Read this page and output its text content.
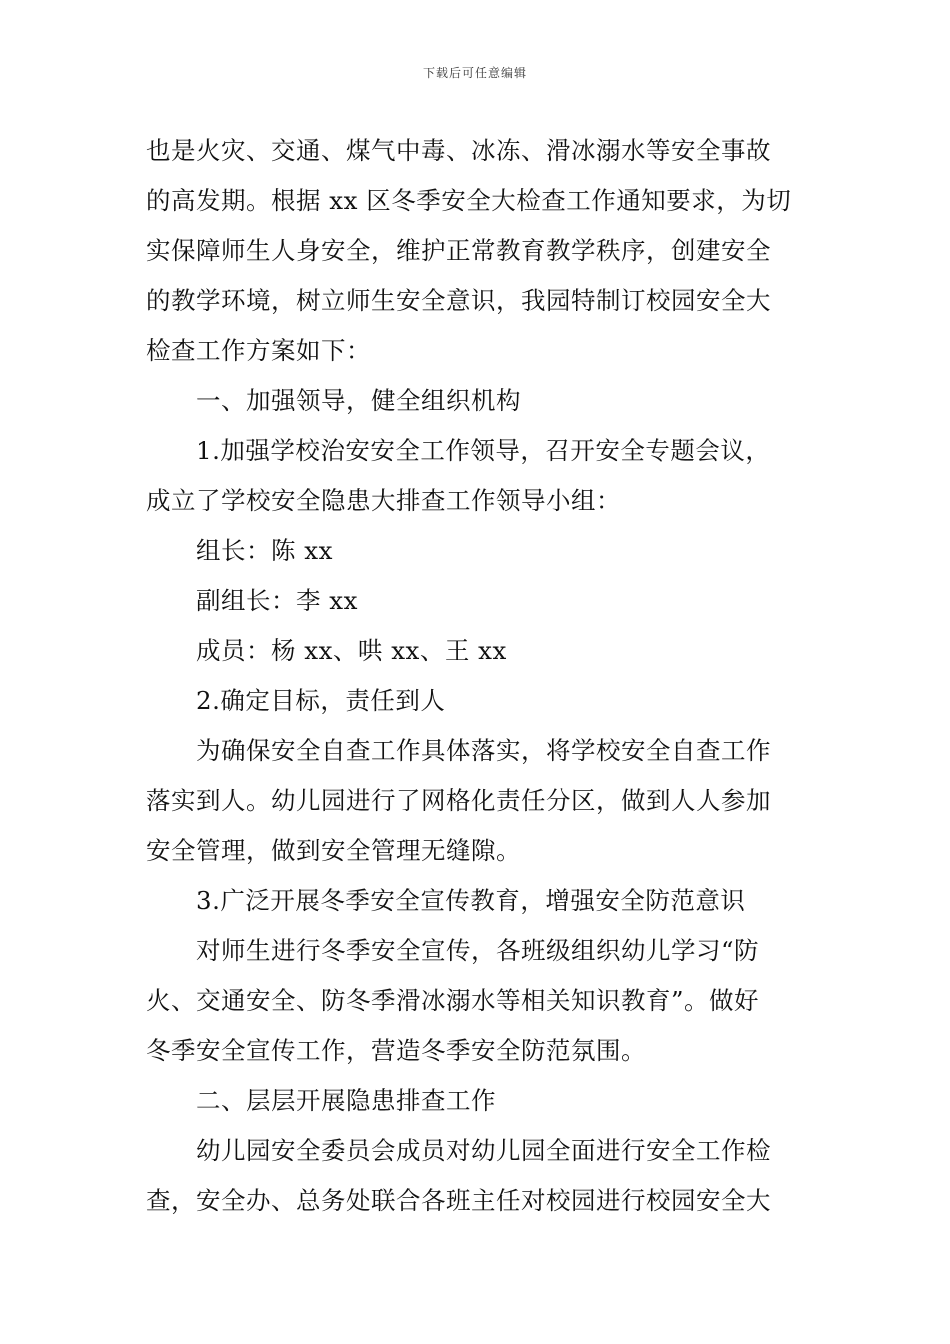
下载后可任意编辑
也是火灾、交通、煤气中毒、冰冻、滑冰溺水等安全事故
的高发期。根据 xx 区冬季安全大检查工作通知要求，为切
实保障师生人身安全，维护正常教育教学秩序，创建安全
的教学环境，树立师生安全意识，我园特制订校园安全大
检查工作方案如下：
一、加强领导，健全组织机构
1.加强学校治安安全工作领导，召开安全专题会议，
成立了学校安全隐患大排查工作领导小组：
组长：陈 xx
副组长：李 xx
成员：杨 xx、哄 xx、王 xx
2.确定目标，责任到人
为确保安全自查工作具体落实，将学校安全自查工作
落实到人。幼儿园进行了网格化责任分区，做到人人参加
安全管理，做到安全管理无缝隙。
3.广泛开展冬季安全宣传教育，增强安全防范意识
对师生进行冬季安全宣传，各班级组织幼儿学习“防
火、交通安全、防冬季滑冰溺水等相关知识教育”。做好
冬季安全宣传工作，营造冬季安全防范氛围。
二、层层开展隐患排查工作
幼儿园安全委员会成员对幼儿园全面进行安全工作检
查，安全办、总务处联合各班主任对校园进行校园安全大
